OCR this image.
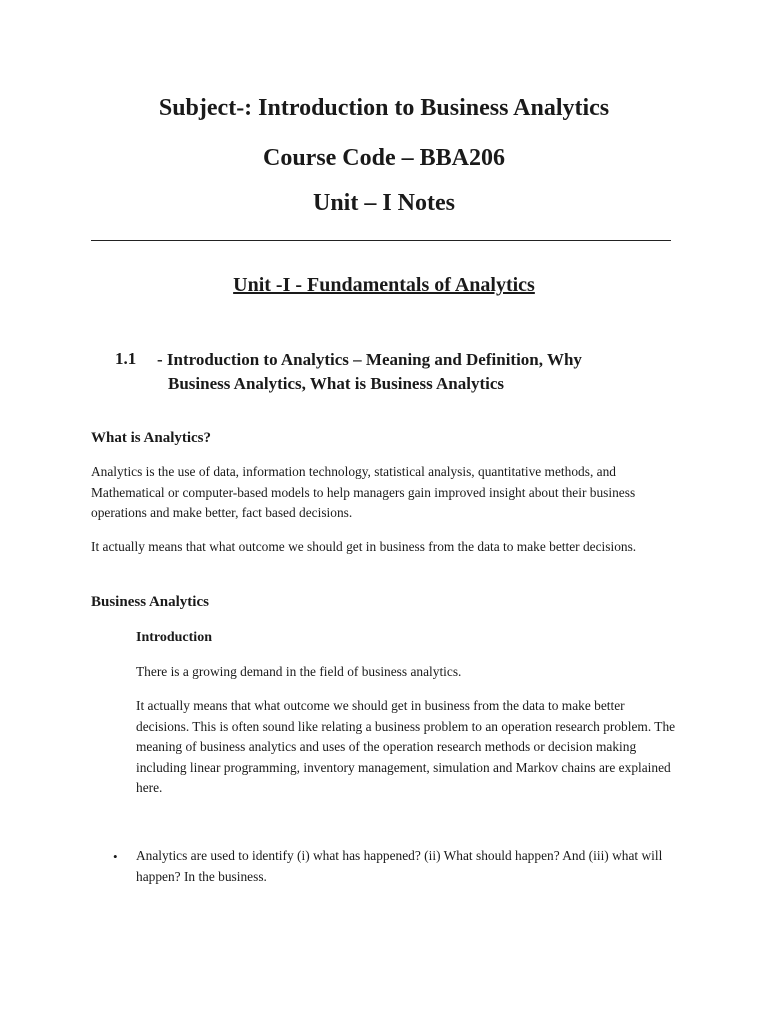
Subject-: Introduction to Business Analytics
Course Code – BBA206
Unit – I Notes
Unit -I - Fundamentals of Analytics
1.1 - Introduction to Analytics – Meaning and Definition, Why
Business Analytics, What is Business Analytics
What is Analytics?

Analytics is the use of data, information technology, statistical analysis, quantitative methods, and Mathematical or computer-based models to help managers gain improved insight about their business operations and make better, fact based decisions.

It actually means that what outcome we should get in business from the data to make better decisions.

Business Analytics
Introduction

There is a growing demand in the field of business analytics.

It actually means that what outcome we should get in business from the data to make better decisions. This is often sound like relating a business problem to an operation research problem. The meaning of business analytics and uses of the operation research methods or decision making including linear programming, inventory management, simulation and Markov chains are explained here.

• Analytics are used to identify (i) what has happened? (ii) What should happen? And (iii) what will happen? In the business.
